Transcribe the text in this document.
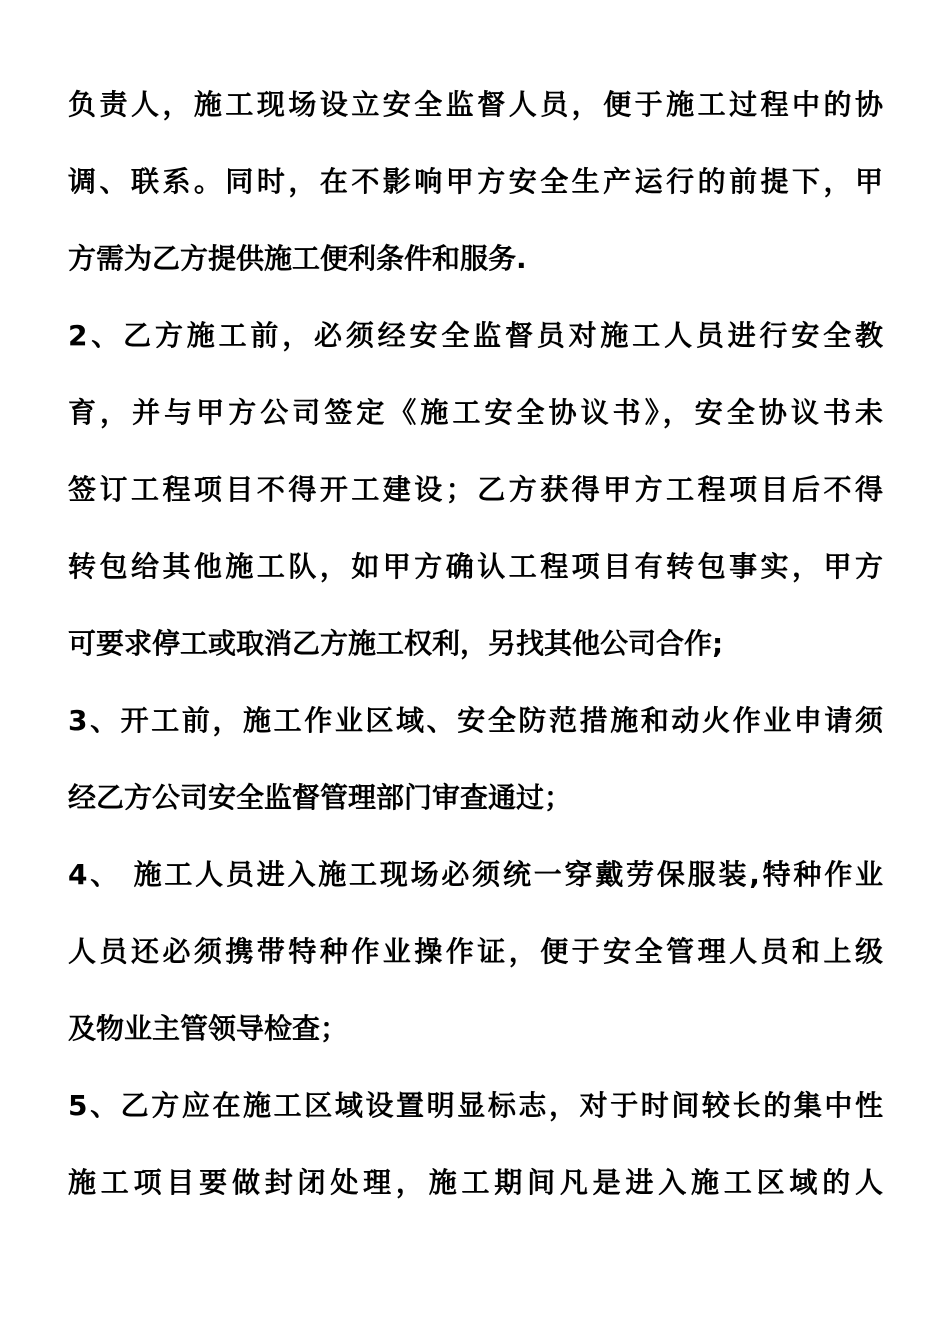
负责人，施工现场设立安全监督人员，便于施工过程中的协
调、联系。同时，在不影响甲方安全生产运行的前提下，甲
方需为乙方提供施工便利条件和服务.
2、乙方施工前，必须经安全监督员对施工人员进行安全教
育，并与甲方公司签定《施工安全协议书》，安全协议书未
签订工程项目不得开工建设；乙方获得甲方工程项目后不得
转包给其他施工队，如甲方确认工程项目有转包事实，甲方
可要求停工或取消乙方施工权利，另找其他公司合作;
3、开工前，施工作业区域、安全防范措施和动火作业申请须
经乙方公司安全监督管理部门审查通过；
4、 施工人员进入施工现场必须统一穿戴劳保服装,特种作业
人员还必须携带特种作业操作证，便于安全管理人员和上级
及物业主管领导检查；
5、乙方应在施工区域设置明显标志，对于时间较长的集中性
施工项目要做封闭处理，施工期间凡是进入施工区域的人
